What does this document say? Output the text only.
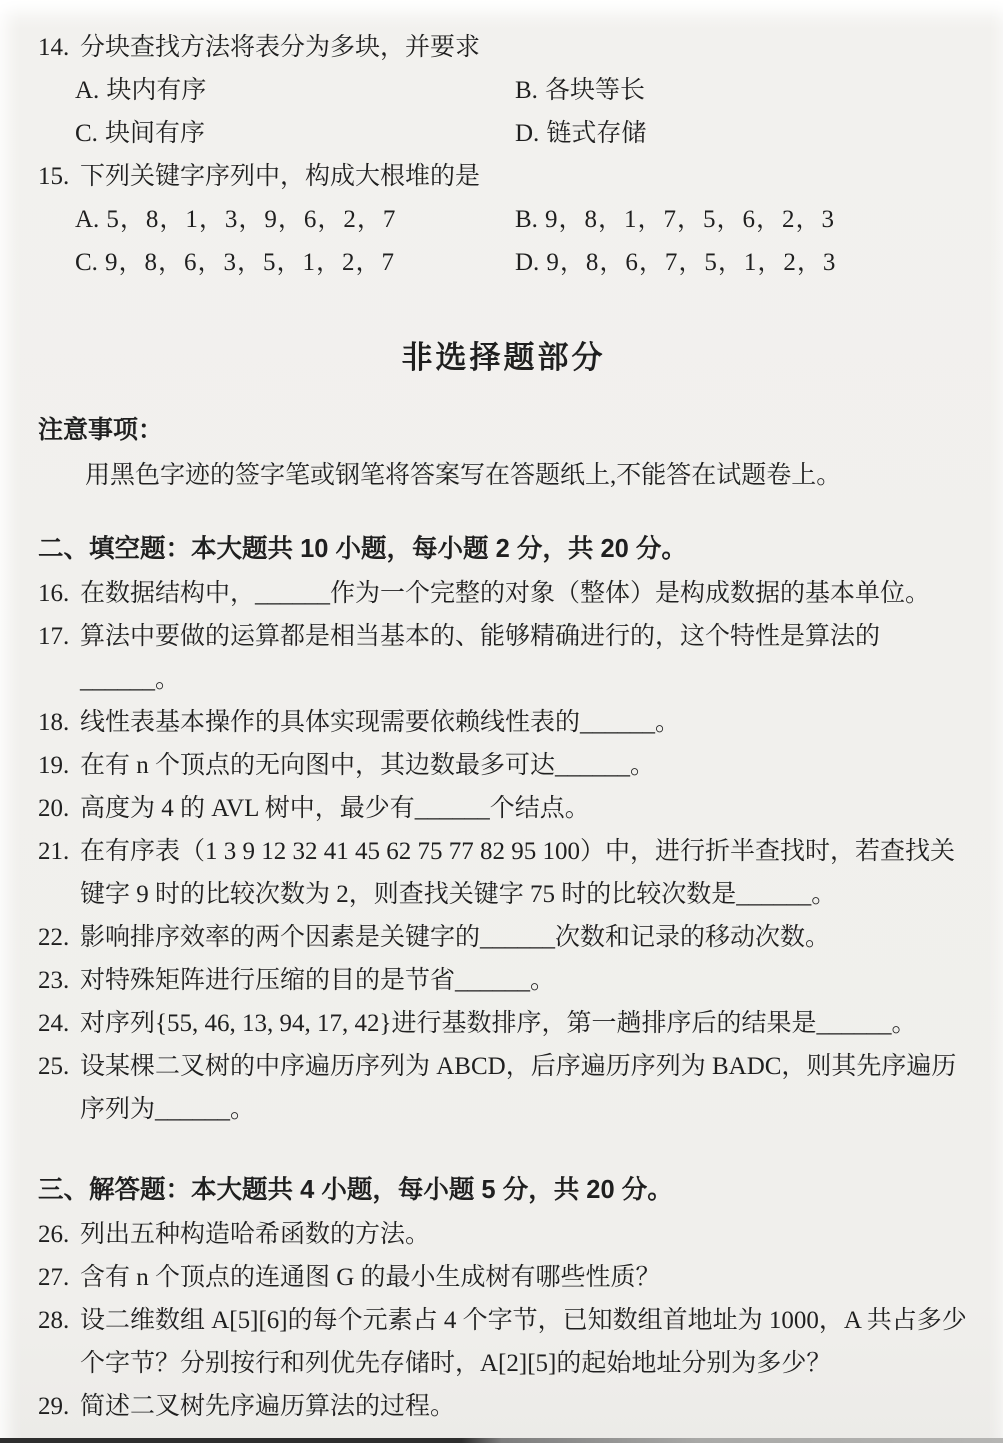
14. 分块查找方法将表分为多块，并要求
A. 块内有序	B. 各块等长
C. 块间有序	D. 链式存储
15. 下列关键字序列中，构成大根堆的是
A. 5，8，1，3，9，6，2，7	B. 9，8，1，7，5，6，2，3
C. 9，8，6，3，5，1，2，7	D. 9，8，6，7，5，1，2，3
非选择题部分
注意事项：
用黑色字迹的签字笔或钢笔将答案写在答题纸上,不能答在试题卷上。
二、填空题：本大题共 10 小题，每小题 2 分，共 20 分。
16. 在数据结构中，______作为一个完整的对象（整体）是构成数据的基本单位。
17. 算法中要做的运算都是相当基本的、能够精确进行的，这个特性是算法的 ______。
18. 线性表基本操作的具体实现需要依赖线性表的______。
19. 在有 n 个顶点的无向图中，其边数最多可达______。
20. 高度为 4 的 AVL 树中，最少有______个结点。
21. 在有序表（1 3 9 12 32 41 45 62 75 77 82 95 100）中，进行折半查找时，若查找关键字 9 时的比较次数为 2，则查找关键字 75 时的比较次数是______。
22. 影响排序效率的两个因素是关键字的______次数和记录的移动次数。
23. 对特殊矩阵进行压缩的目的是节省______。
24. 对序列{55, 46, 13, 94, 17, 42}进行基数排序，第一趟排序后的结果是______。
25. 设某棵二叉树的中序遍历序列为 ABCD，后序遍历序列为 BADC，则其先序遍历序列为______。
三、解答题：本大题共 4 小题，每小题 5 分，共 20 分。
26. 列出五种构造哈希函数的方法。
27. 含有 n 个顶点的连通图 G 的最小生成树有哪些性质？
28. 设二维数组 A[5][6]的每个元素占 4 个字节，已知数组首地址为 1000，A 共占多少个字节？分别按行和列优先存储时，A[2][5]的起始地址分别为多少？
29. 简述二叉树先序遍历算法的过程。
